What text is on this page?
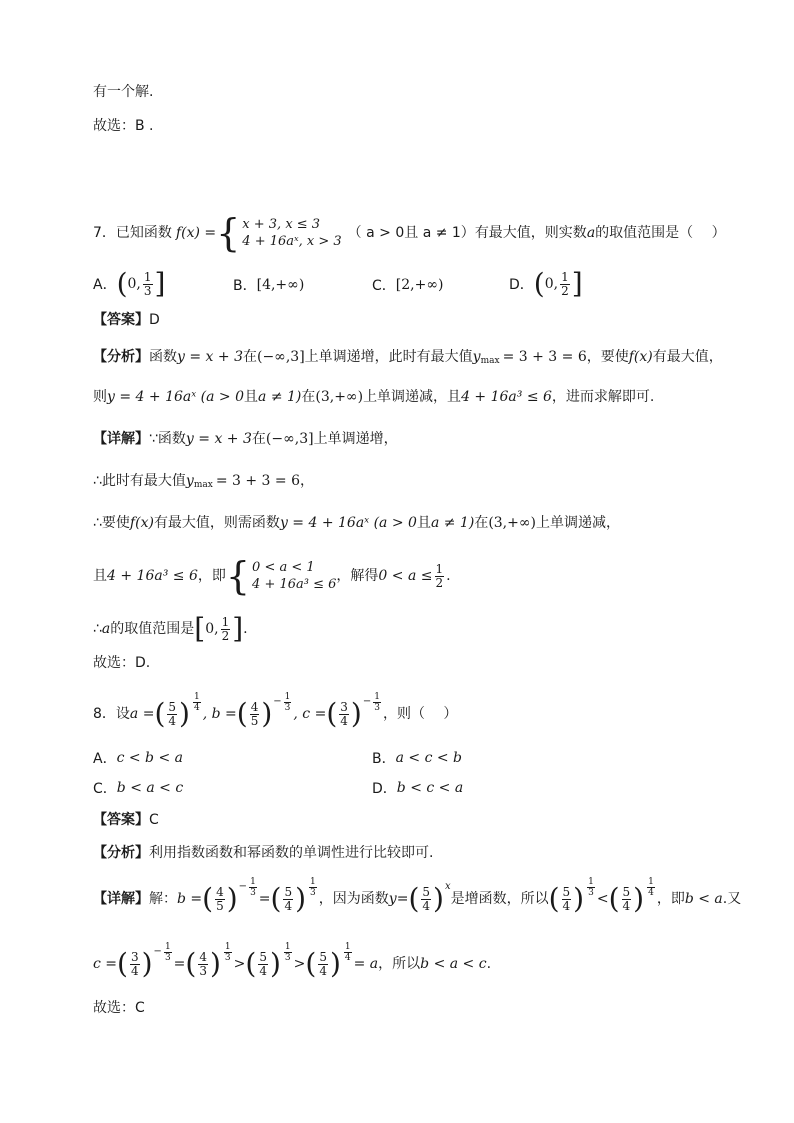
有一个解.
故选：B .
7．已知函数 f(x) = { x + 3, x ≤ 3
4 + 16aˣ, x > 3
（ a > 0且 a ≠ 1） 有最大值，则实数 a 的取值范围是（　 ）
A． ( 0, $\frac{1}{3}$ ]	B． [4,+∞)	C． [2,+∞)	D． ( 0, $\frac{1}{2}$ ]
【答案】 D
【分析】 函数 y = x + 3 在 (−∞,3] 上单调递增，此时有最大值 y max = 3 + 3 = 6 ，要使 f(x) 有最大值，
则 y = 4 + 16aˣ (a > 0 且 a ≠ 1) 在 (3,+∞) 上单调递减，且 4 + 16a³ ≤ 6 ，进而求解即可.
【详解】 ∵函数 y = x + 3 在 (−∞,3] 上单调递增，
∴此时有最大值 y max = 3 + 3 = 6 ，
∴要使 f(x) 有最大值，则需函数 y = 4 + 16aˣ (a > 0 且 a ≠ 1) 在 (3,+∞) 上单调递减，
且 4 + 16a³ ≤ 6 ，即 { 0 < a < 1
4 + 16a³ ≤ 6
，解得 $0 < a \le \frac{1}{2}$ .
∴ a 的取值范围是 [ 0, $\frac{1}{2}$ ] .
故选：D.
8．设 a = ( $\frac{5}{4}$ ) $\frac{1}{4}$
, b = ( $\frac{4}{5}$ ) − $\frac{1}{3}$
, c = ( $\frac{3}{4}$ ) − $\frac{1}{3}$
，则（　 ）
A． c < b < a	B． a < c < b
C． b < a < c	D． b < c < a
【答案】 C
【分析】 利用指数函数和幂函数的单调性进行比较即可.
【详解】 解： b = ( $\frac{4}{5}$ ) − $\frac{1}{3}$
= ( $\frac{5}{4}$ ) $\frac{1}{3}$
，因为函数 y = ( $\frac{5}{4}$ ) x
是增函数，所以 ( $\frac{5}{4}$ ) $\frac{1}{3}$
< ( $\frac{5}{4}$ ) $\frac{1}{4}$
，即 b < a .又
c = ( $\frac{3}{4}$ ) − $\frac{1}{3}$
= ( $\frac{4}{3}$ ) $\frac{1}{3}$
> ( $\frac{5}{4}$ ) $\frac{1}{3}$
> ( $\frac{5}{4}$ ) $\frac{1}{4}$
= a ，所以 b < a < c .
故选：C
